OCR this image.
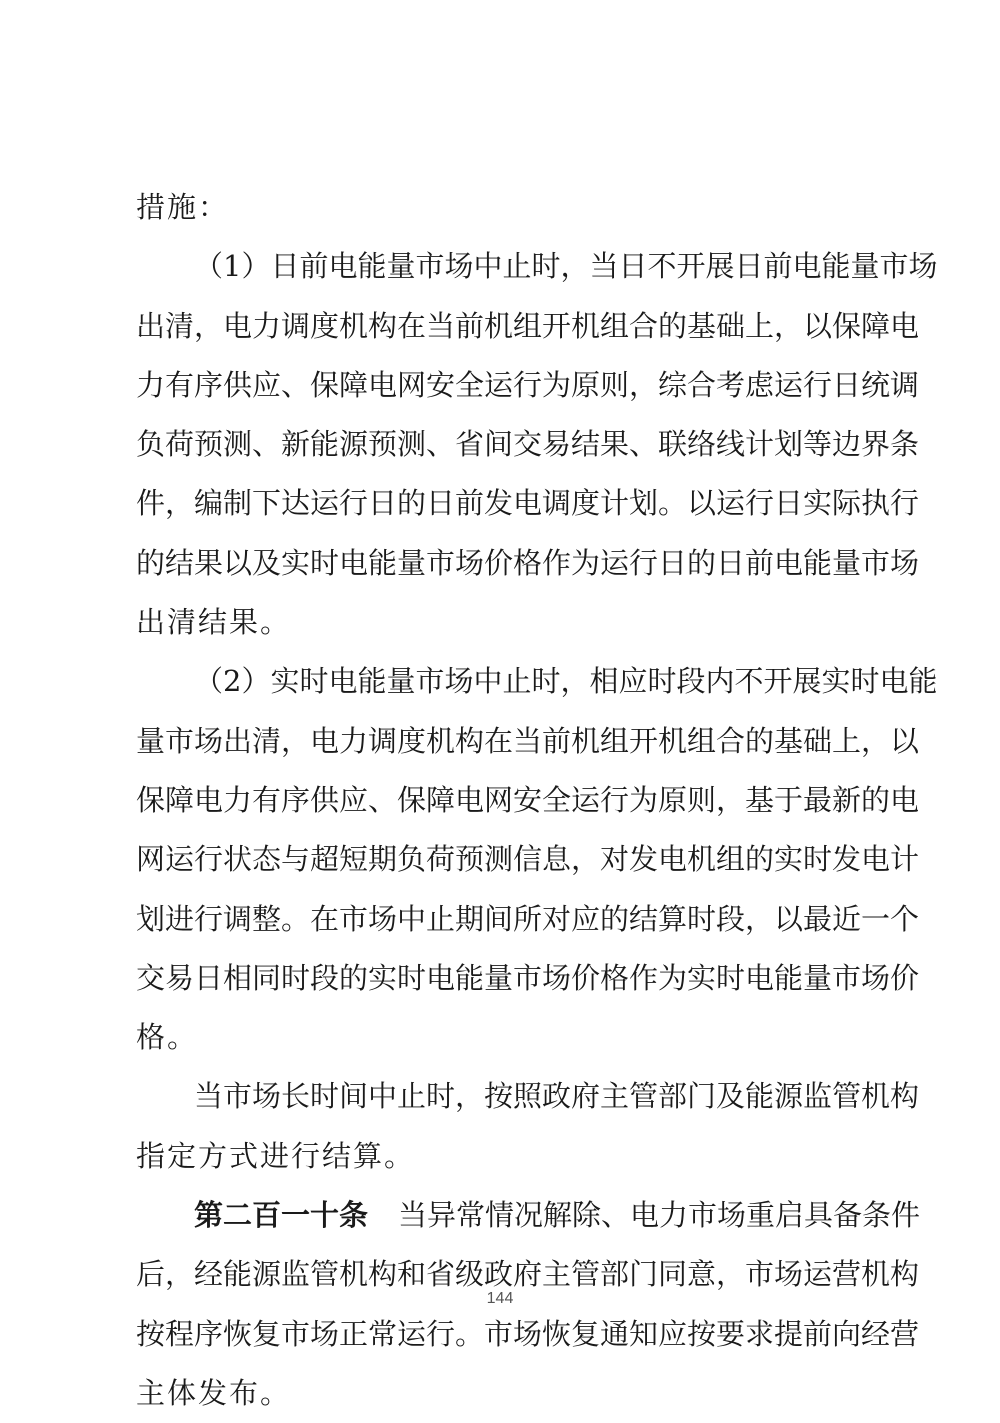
措施：
（1）日前电能量市场中止时，当日不开展日前电能量市场
出清，电力调度机构在当前机组开机组合的基础上，以保障电
力有序供应、保障电网安全运行为原则，综合考虑运行日统调
负荷预测、新能源预测、省间交易结果、联络线计划等边界条
件，编制下达运行日的日前发电调度计划。以运行日实际执行
的结果以及实时电能量市场价格作为运行日的日前电能量市场
出清结果。
（2）实时电能量市场中止时，相应时段内不开展实时电能
量市场出清，电力调度机构在当前机组开机组合的基础上，以
保障电力有序供应、保障电网安全运行为原则，基于最新的电
网运行状态与超短期负荷预测信息，对发电机组的实时发电计
划进行调整。在市场中止期间所对应的结算时段，以最近一个
交易日相同时段的实时电能量市场价格作为实时电能量市场价
格。
当市场长时间中止时，按照政府主管部门及能源监管机构
指定方式进行结算。
第二百一十条 当异常情况解除、电力市场重启具备条件
后，经能源监管机构和省级政府主管部门同意，市场运营机构
按程序恢复市场正常运行。市场恢复通知应按要求提前向经营
主体发布。
144
